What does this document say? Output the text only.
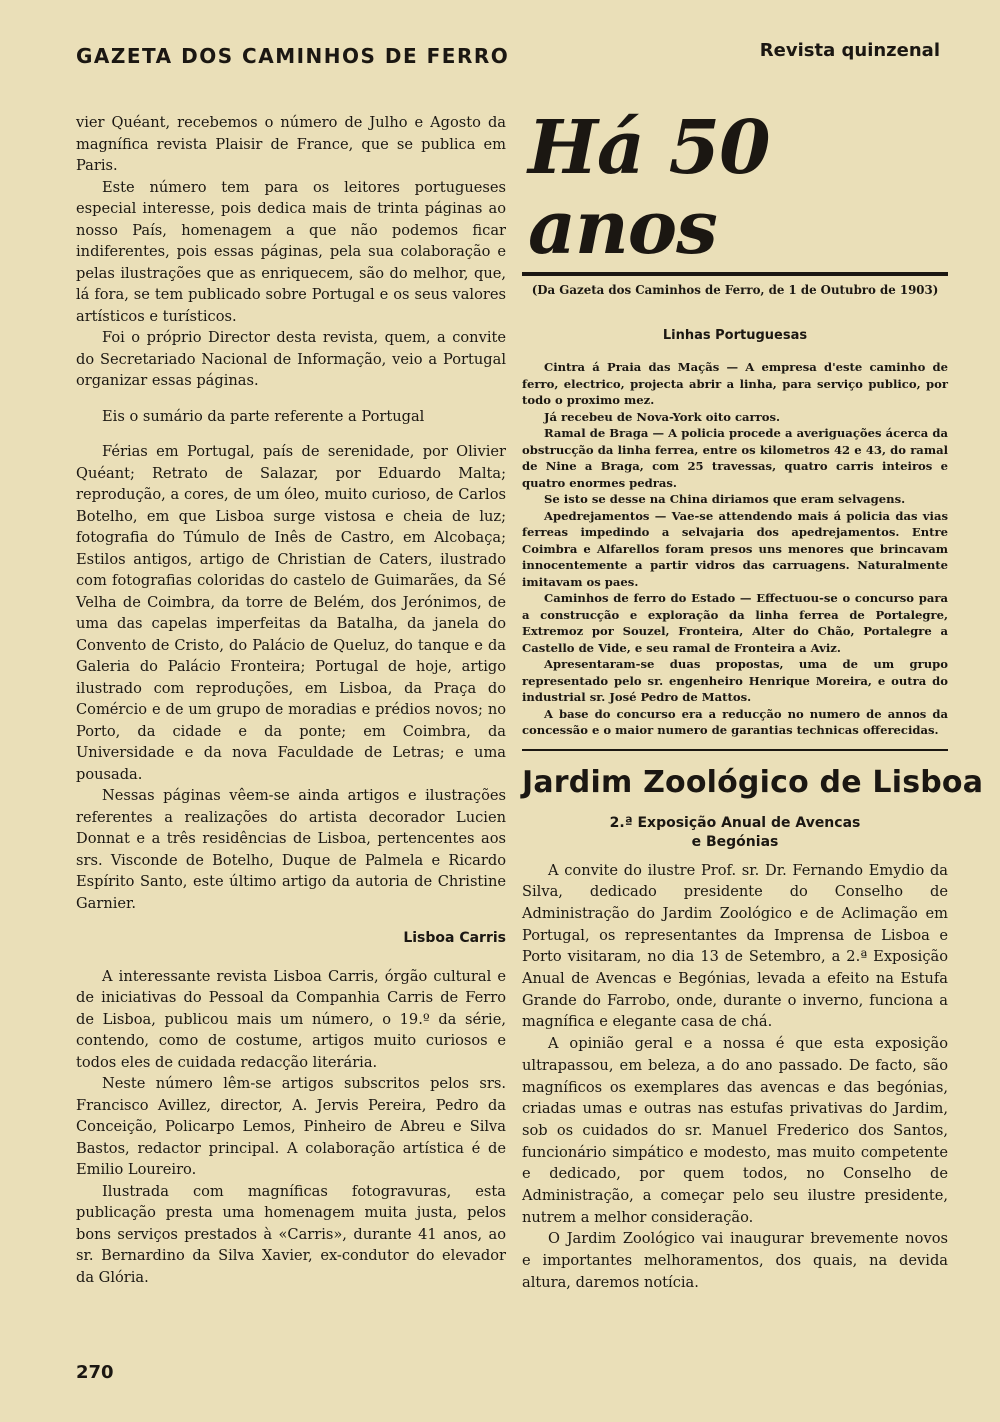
GAZETA DOS CAMINHOS DE FERRO	Revista quinzenal

vier Quéant, recebemos o número de Julho e Agosto da magnífica revista Plaisir de France, que se publica em Paris.

Este número tem para os leitores portugueses especial interesse, pois dedica mais de trinta páginas ao nosso País, homenagem a que não podemos ficar indiferentes, pois essas páginas, pela sua colaboração e pelas ilustrações que as enriquecem, são do melhor, que, lá fora, se tem publicado sobre Portugal e os seus valores artísticos e turísticos.

Foi o próprio Director desta revista, quem, a convite do Secretariado Nacional de Informação, veio a Portugal organizar essas páginas.

Eis o sumário da parte referente a Portugal

Férias em Portugal, país de serenidade, por Olivier Quéant; Retrato de Salazar, por Eduardo Malta; reprodução, a cores, de um óleo, muito curioso, de Carlos Botelho, em que Lisboa surge vistosa e cheia de luz; fotografia do Túmulo de Inês de Castro, em Alcobaça; Estilos antigos, artigo de Christian de Caters, ilustrado com fotografias coloridas do castelo de Guimarães, da Sé Velha de Coimbra, da torre de Belém, dos Jerónimos, de uma das capelas imperfeitas da Batalha, da janela do Convento de Cristo, do Palácio de Queluz, do tanque e da Galeria do Palácio Fronteira; Portugal de hoje, artigo ilustrado com reproduções, em Lisboa, da Praça do Comércio e de um grupo de moradias e prédios novos; no Porto, da cidade e da ponte; em Coimbra, da Universidade e da nova Faculdade de Letras; e uma pousada.

Nessas páginas vêem-se ainda artigos e ilustrações referentes a realizações do artista decorador Lucien Donnat e a três residências de Lisboa, pertencentes aos srs. Visconde de Botelho, Duque de Palmela e Ricardo Espírito Santo, este último artigo da autoria de Christine Garnier.

Lisboa Carris

A interessante revista Lisboa Carris, órgão cultural e de iniciativas do Pessoal da Companhia Carris de Ferro de Lisboa, publicou mais um número, o 19.º da série, contendo, como de costume, artigos muito curiosos e todos eles de cuidada redacção literária.

Neste número lêm-se artigos subscritos pelos srs. Francisco Avillez, director, A. Jervis Pereira, Pedro da Conceição, Policarpo Lemos, Pinheiro de Abreu e Silva Bastos, redactor principal. A colaboração artística é de Emilio Loureiro.

Ilustrada com magníficas fotogravuras, esta publicação presta uma homenagem muita justa, pelos bons serviços prestados à «Carris», durante 41 anos, ao sr. Bernardino da Silva Xavier, ex-condutor do elevador da Glória.

Há 50 anos

(Da Gazeta dos Caminhos de Ferro, de 1 de Outubro de 1903)

Linhas Portuguesas

Cintra á Praia das Maçãs — A empresa d'este caminho de ferro, electrico, projecta abrir a linha, para serviço publico, por todo o proximo mez.

Já recebeu de Nova-York oito carros.

Ramal de Braga — A policia procede a averiguações ácerca da obstrucção da linha ferrea, entre os kilometros 42 e 43, do ramal de Nine a Braga, com 25 travessas, quatro carris inteiros e quatro enormes pedras.

Se isto se desse na China diriamos que eram selvagens.

Apedrejamentos — Vae-se attendendo mais á policia das vias ferreas impedindo a selvajaria dos apedrejamentos. Entre Coimbra e Alfarellos foram presos uns menores que brincavam innocentemente a partir vidros das carruagens. Naturalmente imitavam os paes.

Caminhos de ferro do Estado — Effectuou-se o concurso para a construcção e exploração da linha ferrea de Portalegre, Extremoz por Souzel, Fronteira, Alter do Chão, Portalegre a Castello de Vide, e seu ramal de Fronteira a Aviz.

Apresentaram-se duas propostas, uma de um grupo representado pelo sr. engenheiro Henrique Moreira, e outra do industrial sr. José Pedro de Mattos.

A base do concurso era a reducção no numero de annos da concessão e o maior numero de garantias technicas offerecidas.

Jardim Zoológico de Lisboa
2.ª Exposição Anual de Avencas
e Begónias

A convite do ilustre Prof. sr. Dr. Fernando Emydio da Silva, dedicado presidente do Conselho de Administração do Jardim Zoológico e de Aclimação em Portugal, os representantes da Imprensa de Lisboa e Porto visitaram, no dia 13 de Setembro, a 2.ª Exposição Anual de Avencas e Begónias, levada a efeito na Estufa Grande do Farrobo, onde, durante o inverno, funciona a magnífica e elegante casa de chá.

A opinião geral e a nossa é que esta exposição ultrapassou, em beleza, a do ano passado. De facto, são magníficos os exemplares das avencas e das begónias, criadas umas e outras nas estufas privativas do Jardim, sob os cuidados do sr. Manuel Frederico dos Santos, funcionário simpático e modesto, mas muito competente e dedicado, por quem todos, no Conselho de Administração, a começar pelo seu ilustre presidente, nutrem a melhor consideração.

O Jardim Zoológico vai inaugurar brevemente novos e importantes melhoramentos, dos quais, na devida altura, daremos notícia.

270
